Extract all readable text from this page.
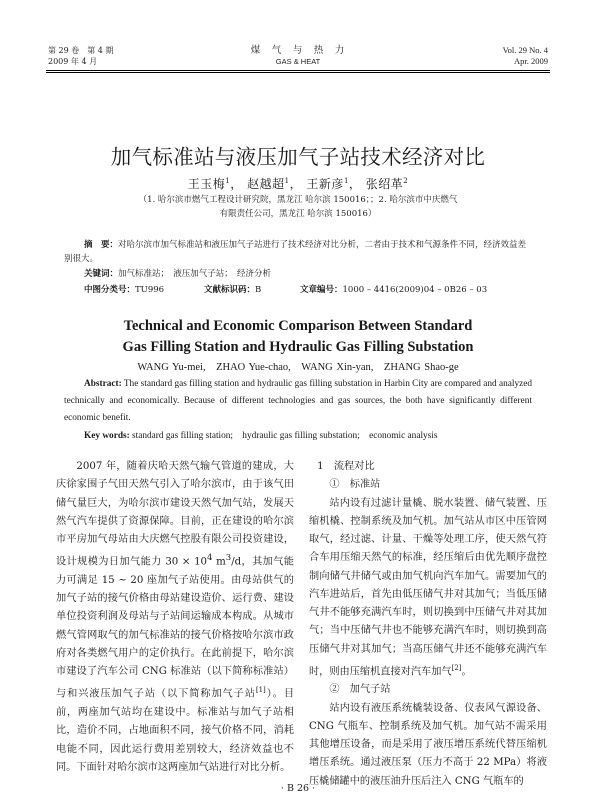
第 29 卷　第 4 期
2009 年 4 月
煤　气　与　热　力
GAS & HEAT
Vol. 29 No. 4
Apr. 2009
加气标准站与液压加气子站技术经济对比
王玉梅$^1$， 赵越超$^1$， 王新彦$^1$， 张绍革$^2$
（1. 哈尔滨市燃气工程设计研究院，黑龙江 哈尔滨 150016；；2. 哈尔滨市中庆燃气
有限责任公司，黑龙江 哈尔滨 150016）
摘　要：对哈尔滨市加气标准站和液压加气子站进行了技术经济对比分析，二者由于技术和气源条件不同，经济效益差别很大。
关键词：加气标准站；　液压加气子站；　经济分析
中图分类号：TU996	文献标识码：B	文章编号：1000 – 4416(2009)04 – 0B26 – 03
Technical and Economic Comparison Between Standard
Gas Filling Station and Hydraulic Gas Filling Substation
WANG Yu-mei,　ZHAO Yue-chao,　WANG Xin-yan,　ZHANG Shao-ge
Abstract: The standard gas filling station and hydraulic gas filling substation in Harbin City are compared and analyzed technically and economically. Because of different technologies and gas sources, the both have significantly different economic benefit.
Key words: standard gas filling station;　hydraulic gas filling substation;　economic analysis

2007 年，随着庆哈天然气输气管道的建成，大庆徐家围子气田天然气引入了哈尔滨市，由于该气田储气量巨大，为哈尔滨市建设天然气加气站，发展天然气汽车提供了资源保障。目前，正在建设的哈尔滨市平房加气母站由大庆燃气控股有限公司投资建设，设计规模为日加气能力 $30 \times 10^4$ $m^3/d$，其加气能力可满足 15 ~ 20 座加气子站使用。由母站供气的加气子站的接气价格由母站建设造价、运行费、建设单位投资利润及母站与子站间运输成本构成。从城市燃气管网取气的加气标准站的接气价格按哈尔滨市政府对各类燃气用户的定价执行。在此前提下，哈尔滨市建设了汽车公司 CNG 标准站（以下简称标准站）与和兴液压加气子站（以下简称加气子站[1]）。目前，两座加气站均在建设中。标准站与加气子站相比，造价不同，占地面积不同，接气价格不同，消耗电能不同，因此运行费用差别较大，经济效益也不同。下面针对哈尔滨市这两座加气站进行对比分析。

1　流程对比

①　标准站

站内设有过滤计量橇、脱水装置、储气装置、压缩机橇、控制系统及加气机。加气站从市区中压管网取气，经过滤、计量、干燥等处理工序，使天然气符合车用压缩天然气的标准，经压缩后由优先顺序盘控制向储气井储气或由加气机向汽车加气。需要加气的汽车进站后，首先由低压储气井对其加气；当低压储气井不能够充满汽车时，则切换到中压储气井对其加气；当中压储气井也不能够充满汽车时，则切换到高压储气井对其加气；当高压储气井还不能够充满汽车时，则由压缩机直接对汽车加气[2]。

②　加气子站

站内设有液压系统橇装设备、仪表风气源设备、CNG 气瓶车、控制系统及加气机。加气站不需采用其他增压设备，而是采用了液压增压系统代替压缩机增压系统。通过液压泵（压力不高于 22 MPa）将液压橇储罐中的液压油升压后注入 CNG 气瓶车的

· B 26 ·
